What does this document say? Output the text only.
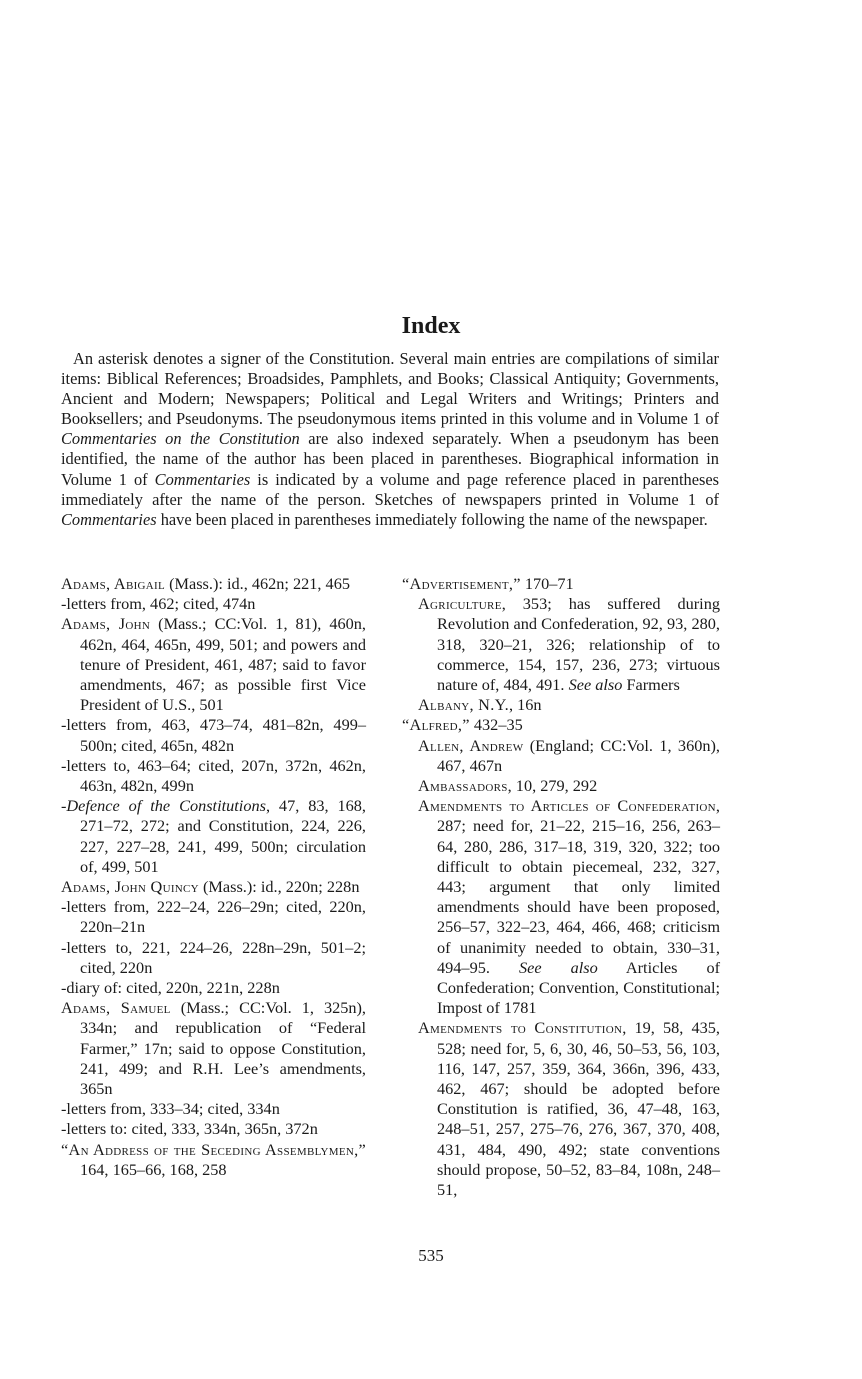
Index
An asterisk denotes a signer of the Constitution. Several main entries are compilations of similar items: Biblical References; Broadsides, Pamphlets, and Books; Classical Antiquity; Governments, Ancient and Modern; Newspapers; Political and Legal Writers and Writings; Printers and Booksellers; and Pseudonyms. The pseudonymous items printed in this volume and in Volume 1 of Commentaries on the Constitution are also indexed separately. When a pseudonym has been identified, the name of the author has been placed in parentheses. Biographical information in Volume 1 of Commentaries is indicated by a volume and page reference placed in parentheses immediately after the name of the person. Sketches of newspapers printed in Volume 1 of Commentaries have been placed in parentheses immediately following the name of the newspaper.
Adams, Abigail (Mass.): id., 462n; 221, 465
-letters from, 462; cited, 474n
Adams, John (Mass.; CC:Vol. 1, 81), 460n, 462n, 464, 465n, 499, 501; and powers and tenure of President, 461, 487; said to favor amendments, 467; as possible first Vice President of U.S., 501
-letters from, 463, 473–74, 481–82n, 499–500n; cited, 465n, 482n
-letters to, 463–64; cited, 207n, 372n, 462n, 463n, 482n, 499n
-Defence of the Constitutions, 47, 83, 168, 271–72, 272; and Constitution, 224, 226, 227, 227–28, 241, 499, 500n; circulation of, 499, 501
Adams, John Quincy (Mass.): id., 220n; 228n
-letters from, 222–24, 226–29n; cited, 220n, 220n–21n
-letters to, 221, 224–26, 228n–29n, 501–2; cited, 220n
-diary of: cited, 220n, 221n, 228n
Adams, Samuel (Mass.; CC:Vol. 1, 325n), 334n; and republication of “Federal Farmer,” 17n; said to oppose Constitution, 241, 499; and R.H. Lee’s amendments, 365n
-letters from, 333–34; cited, 334n
-letters to: cited, 333, 334n, 365n, 372n
“An Address of the Seceding Assemblymen,” 164, 165–66, 168, 258
“Advertisement,” 170–71
Agriculture, 353; has suffered during Revolution and Confederation, 92, 93, 280, 318, 320–21, 326; relationship of to commerce, 154, 157, 236, 273; virtuous nature of, 484, 491. See also Farmers
Albany, N.Y., 16n
“Alfred,” 432–35
Allen, Andrew (England; CC:Vol. 1, 360n), 467, 467n
Ambassadors, 10, 279, 292
Amendments to Articles of Confederation, 287; need for, 21–22, 215–16, 256, 263–64, 280, 286, 317–18, 319, 320, 322; too difficult to obtain piecemeal, 232, 327, 443; argument that only limited amendments should have been proposed, 256–57, 322–23, 464, 466, 468; criticism of unanimity needed to obtain, 330–31, 494–95. See also Articles of Confederation; Convention, Constitutional; Impost of 1781
Amendments to Constitution, 19, 58, 435, 528; need for, 5, 6, 30, 46, 50–53, 56, 103, 116, 147, 257, 359, 364, 366n, 396, 433, 462, 467; should be adopted before Constitution is ratified, 36, 47–48, 163, 248–51, 257, 275–76, 276, 367, 370, 408, 431, 484, 490, 492; state conventions should propose, 50–52, 83–84, 108n, 248–51,
535
